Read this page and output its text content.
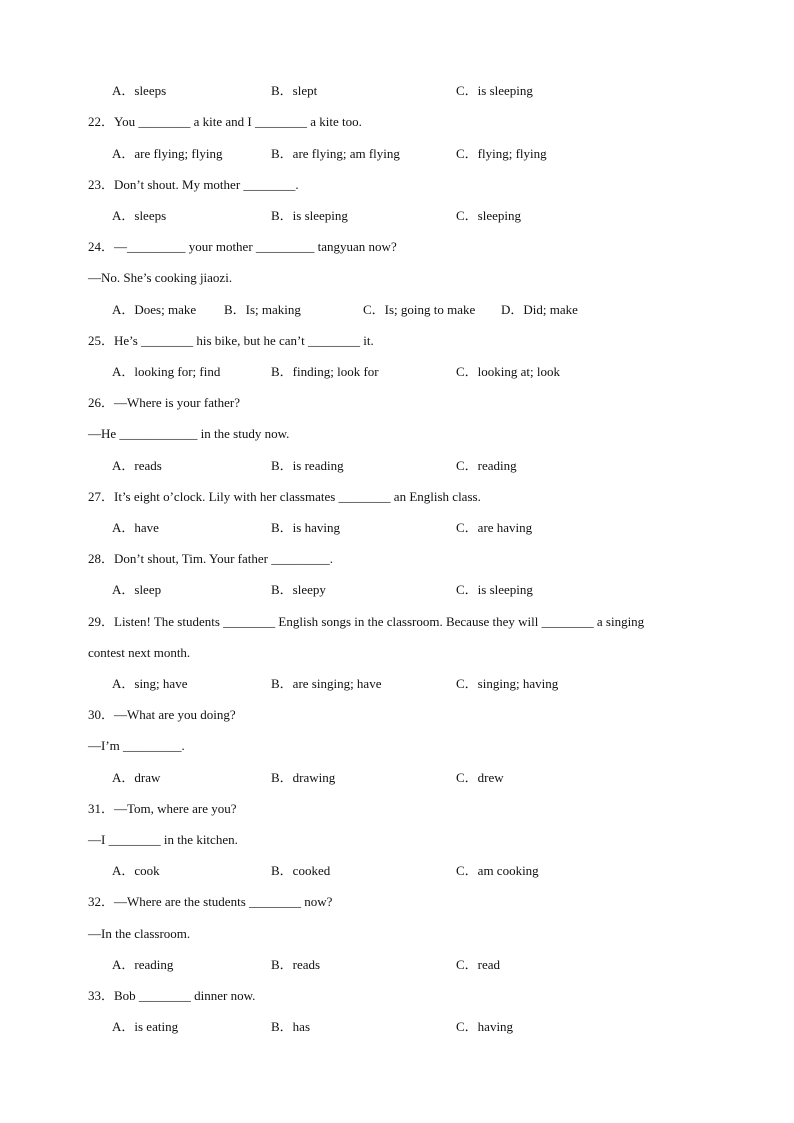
A．sleeps	B．slept	C．is sleeping
22．You ________ a kite and I ________ a kite too.
A．are flying; flying	B．are flying; am flying	C．flying; flying
23．Don’t shout. My mother ________.
A．sleeps	B．is sleeping	C．sleeping
24．—_________ your mother _________ tangyuan now?
—No. She’s cooking jiaozi.
A．Does; make B．Is; making	C．Is; going to make D．Did; make
25．He’s ________ his bike, but he can’t ________ it.
A．looking for; find	B．finding; look for	C．looking at; look
26．—Where is your father?
—He ____________ in the study now.
A．reads	B．is reading	C．reading
27．It’s eight o’clock. Lily with her classmates ________ an English class.
A．have	B．is having	C．are having
28．Don’t shout, Tim. Your father _________.
A．sleep	B．sleepy	C．is sleeping
29．Listen! The students ________ English songs in the classroom. Because they will ________ a singing
contest next month.
A．sing; have	B．are singing; have	C．singing; having
30．—What are you doing?
—I’m _________.
A．draw	B．drawing	C．drew
31．—Tom, where are you?
—I ________ in the kitchen.
A．cook	B．cooked	C．am cooking
32．—Where are the students ________ now?
—In the classroom.
A．reading	B．reads	C．read
33．Bob ________ dinner now.
A．is eating	B．has	C．having
